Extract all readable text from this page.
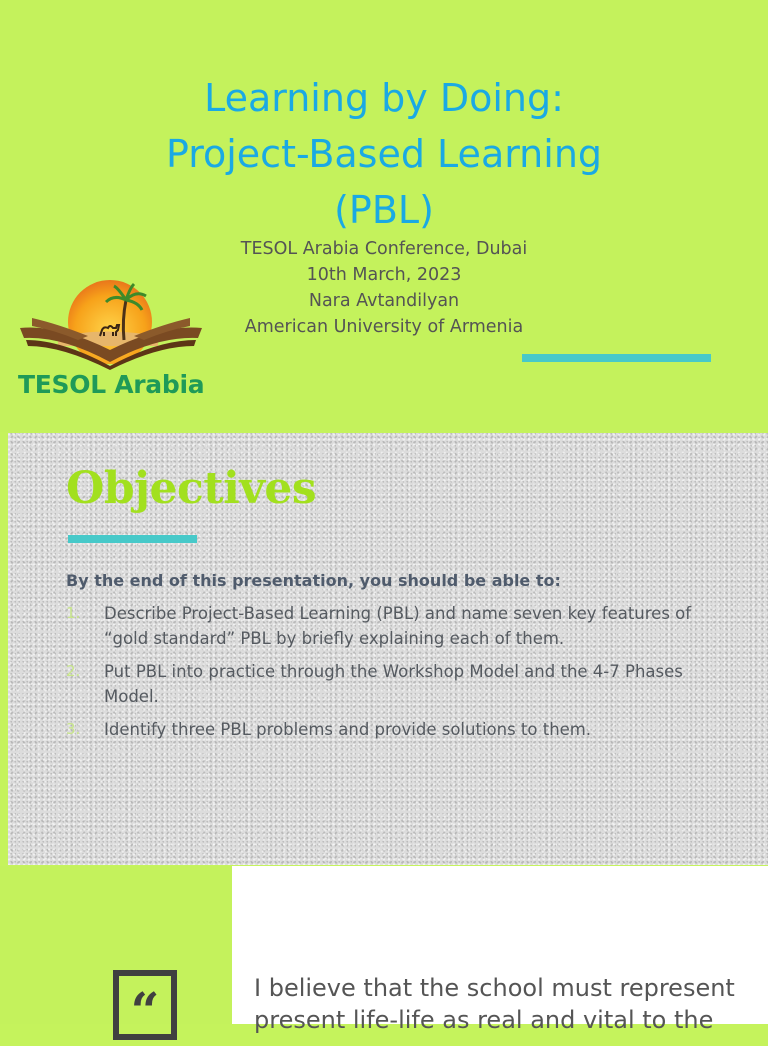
Learning by Doing:
Project-Based Learning
(PBL)
TESOL Arabia Conference, Dubai
10th March, 2023
Nara Avtandilyan
American University of Armenia
TESOL Arabia
Objectives
By the end of this presentation, you should be able to:
1. Describe Project-Based Learning (PBL) and name seven key features of “gold standard” PBL by briefly explaining each of them.
2. Put PBL into practice through the Workshop Model and the 4-7 Phases Model.
3. Identify three PBL problems and provide solutions to them.
“	I believe that the school must represent present life-life as real and vital to the
